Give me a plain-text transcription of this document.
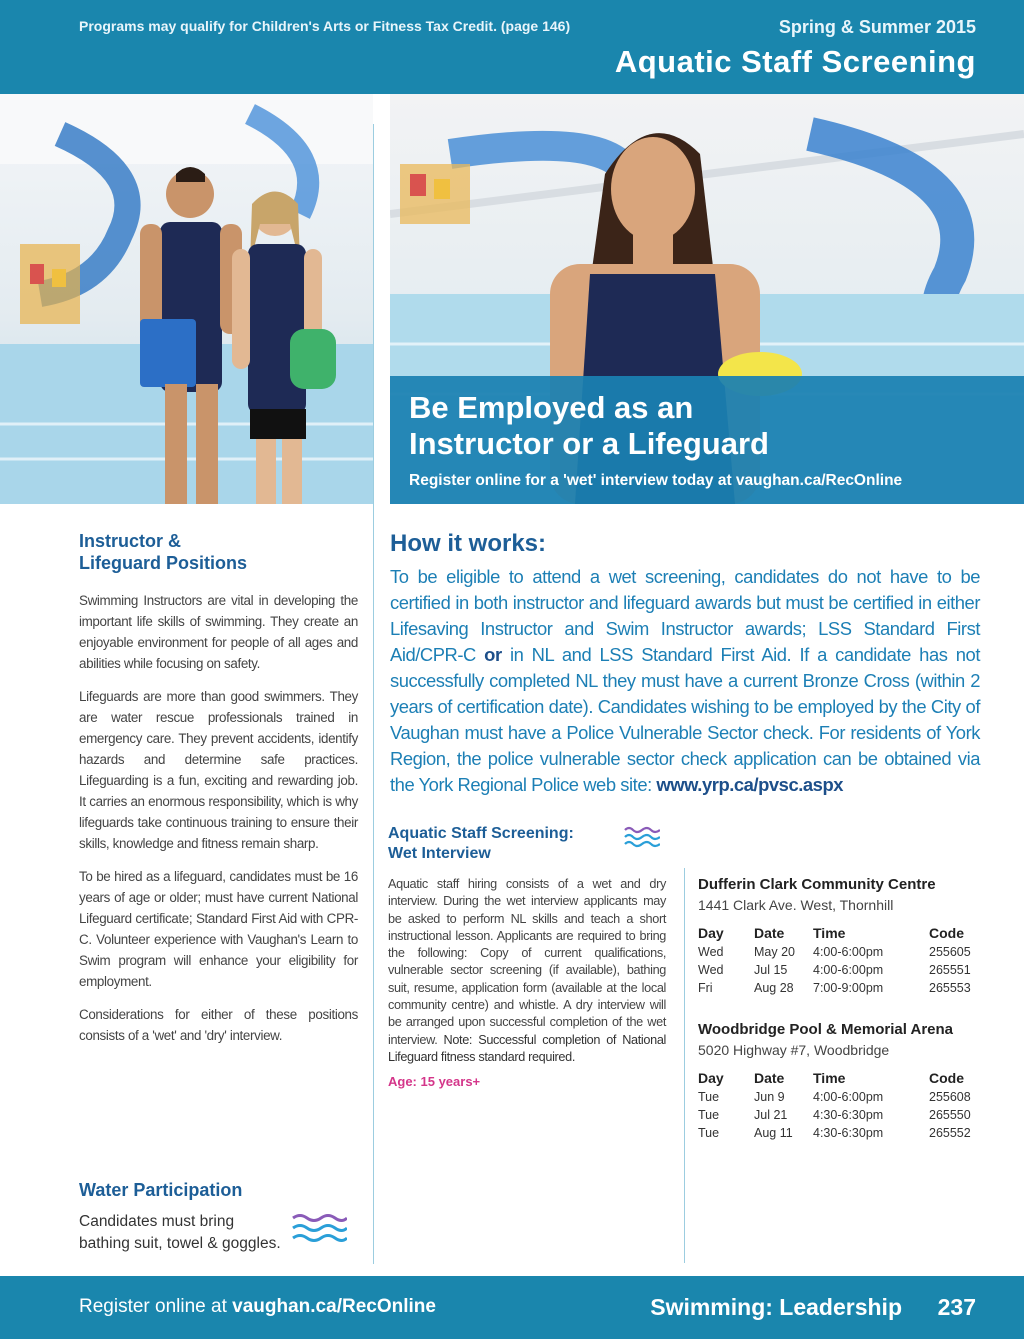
Programs may qualify for Children's Arts or Fitness Tax Credit. (page 146)	Spring & Summer 2015
Aquatic Staff Screening
Be Employed as an
Instructor or a Lifeguard
Register online for a 'wet' interview today at vaughan.ca/RecOnline
Instructor &
Lifeguard Positions

Swimming Instructors are vital in developing the important life skills of swimming. They create an enjoyable environment for people of all ages and abilities while focusing on safety.

Lifeguards are more than good swimmers. They are water rescue professionals trained in emergency care. They prevent accidents, identify hazards and determine safe practices. Lifeguarding is a fun, exciting and rewarding job. It carries an enormous responsibility, which is why lifeguards take continuous training to ensure their skills, knowledge and fitness remain sharp.

To be hired as a lifeguard, candidates must be 16 years of age or older; must have current National Lifeguard certificate; Standard First Aid with CPR-C. Volunteer experience with Vaughan's Learn to Swim program will enhance your eligibility for employment.

Considerations for either of these positions consists of a 'wet' and 'dry' interview.

Water Participation
Candidates must bring bathing suit, towel & goggles.
How it works:

To be eligible to attend a wet screening, candidates do not have to be certified in both instructor and lifeguard awards but must be certified in either Lifesaving Instructor and Swim Instructor awards; LSS Standard First Aid/CPR-C or in NL and LSS Standard First Aid. If a candidate has not successfully completed NL they must have a current Bronze Cross (within 2 years of certification date). Candidates wishing to be employed by the City of Vaughan must have a Police Vulnerable Sector check. For residents of York Region, the police vulnerable sector check application can be obtained via the York Regional Police web site: www.yrp.ca/pvsc.aspx

Aquatic Staff Screening:
Wet Interview

Aquatic staff hiring consists of a wet and dry interview. During the wet interview applicants may be asked to perform NL skills and teach a short instructional lesson. Applicants are required to bring the following: Copy of current qualifications, vulnerable sector screening (if available), bathing suit, resume, application form (available at the local community centre) and whistle. A dry interview will be arranged upon successful completion of the wet interview. Note: Successful completion of National Lifeguard fitness standard required.

Age: 15 years+
Dufferin Clark Community Centre
1441 Clark Ave. West, Thornhill
Day	Date	Time	Code
Wed	May 20	4:00-6:00pm	255605
Wed	Jul 15	4:00-6:00pm	265551
Fri	Aug 28	7:00-9:00pm	265553
Woodbridge Pool & Memorial Arena
5020 Highway #7, Woodbridge
Day	Date	Time	Code
Tue	Jun 9	4:00-6:00pm	255608
Tue	Jul 21	4:30-6:30pm	265550
Tue	Aug 11	4:30-6:30pm	265552
Register online at vaughan.ca/RecOnline	Swimming: Leadership 237
